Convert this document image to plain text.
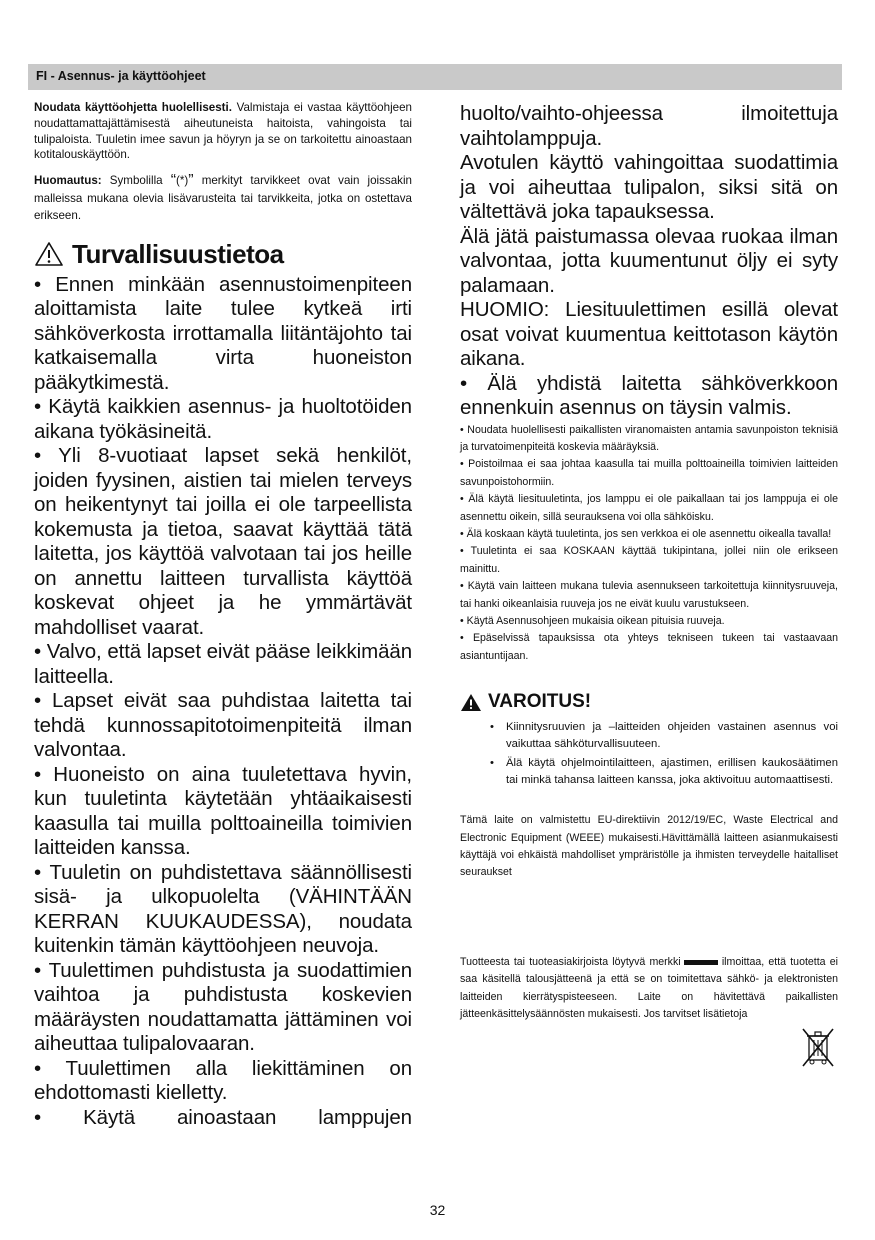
FI - Asennus- ja käyttöohjeet

Noudata käyttöohjetta huolellisesti. Valmistaja ei vastaa käyttöohjeen noudattamattajättämisestä aiheutuneista haitoista, vahingoista tai tulipaloista. Tuuletin imee savun ja höyryn ja se on tarkoitettu ainoastaan kotitalouskäyttöön.

Huomautus: Symbolilla “(*)” merkityt tarvikkeet ovat vain joissakin malleissa mukana olevia lisävarusteita tai tarvikkeita, jotka on ostettava erikseen.

Turvallisuustietoa

• Ennen minkään asennustoimenpiteen aloittamista laite tulee kytkeä irti sähköverkosta irrottamalla liitäntäjohto tai katkaisemalla virta huoneiston pääkytkimestä.

• Käytä kaikkien asennus- ja huoltotöiden aikana työkäsineitä.

• Yli 8-vuotiaat lapset sekä henkilöt, joiden fyysinen, aistien tai mielen terveys on heikentynyt tai joilla ei ole tarpeellista kokemusta ja tietoa, saavat käyttää tätä laitetta, jos käyttöä valvotaan tai jos heille on annettu laitteen turvallista käyttöä koskevat ohjeet ja he ymmärtävät mahdolliset vaarat.

• Valvo, että lapset eivät pääse leikkimään laitteella.

• Lapset eivät saa puhdistaa laitetta tai tehdä kunnossapitotoimenpiteitä ilman valvontaa.

• Huoneisto on aina tuuletettava hyvin, kun tuuletinta käytetään yhtäaikaisesti kaasulla tai muilla polttoaineilla toimivien laitteiden kanssa.

• Tuuletin on puhdistettava säännöllisesti sisä- ja ulkopuolelta (VÄHINTÄÄN KERRAN KUUKAUDESSA), noudata kuitenkin tämän käyttöohjeen neuvoja.

• Tuulettimen puhdistusta ja suodattimien vaihtoa ja puhdistusta koskevien määräysten noudattamatta jättäminen voi aiheuttaa tulipalovaaran.

• Tuulettimen alla liekittäminen on ehdottomasti kielletty.

• Käytä ainoastaan lamppujen

huolto/vaihto-ohjeessa ilmoitettuja vaihtolamppuja.

Avotulen käyttö vahingoittaa suodattimia ja voi aiheuttaa tulipalon, siksi sitä on vältettävä joka tapauksessa.

Älä jätä paistumassa olevaa ruokaa ilman valvontaa, jotta kuumentunut öljy ei syty palamaan.

HUOMIO: Liesituulettimen esillä olevat osat voivat kuumentua keittotason käytön aikana.

• Älä yhdistä laitetta sähköverkkoon ennenkuin asennus on täysin valmis.

• Noudata huolellisesti paikallisten viranomaisten antamia savunpoiston teknisiä ja turvatoimenpiteitä koskevia määräyksiä.

• Poistoilmaa ei saa johtaa kaasulla tai muilla polttoaineilla toimivien laitteiden savunpoistohormiin.

• Älä käytä liesituuletinta, jos lamppu ei ole paikallaan tai jos lamppuja ei ole asennettu oikein, sillä seurauksena voi olla sähköisku.

• Älä koskaan käytä tuuletinta, jos sen verkkoa ei ole asennettu oikealla tavalla!

• Tuuletinta ei saa KOSKAAN käyttää tukipintana, jollei niin ole erikseen mainittu.

• Käytä vain laitteen mukana tulevia asennukseen tarkoitettuja kiinnitysruuveja, tai hanki oikeanlaisia ruuveja jos ne eivät kuulu varustukseen.

• Käytä Asennusohjeen mukaisia oikean pituisia ruuveja.

• Epäselvissä tapauksissa ota yhteys tekniseen tukeen tai vastaavaan asiantuntijaan.

VAROITUS!
• Kiinnitysruuvien ja –laitteiden ohjeiden vastainen asennus voi vaikuttaa sähköturvallisuuteen.
• Älä käytä ohjelmointilaitteen, ajastimen, erillisen kaukosäätimen tai minkä tahansa laitteen kanssa, joka aktivoituu automaattisesti.

Tämä laite on valmistettu EU-direktiivin 2012/19/EC, Waste Electrical and Electronic Equipment (WEEE) mukaisesti.Hävittämällä laitteen asianmukaisesti käyttäjä voi ehkäistä mahdolliset ympräristölle ja ihmisten terveydelle haitalliset seuraukset

Tuotteesta tai tuoteasiakirjoista löytyvä merkki	ilmoittaa, että tuotetta ei saa käsitellä talousjätteenä ja että se on toimitettava sähkö- ja elektronisten laitteiden kierrätyspisteeseen. Laite on hävitettävä paikallisten jätteenkäsittelysäännösten mukaisesti. Jos tarvitset lisätietoja

32
